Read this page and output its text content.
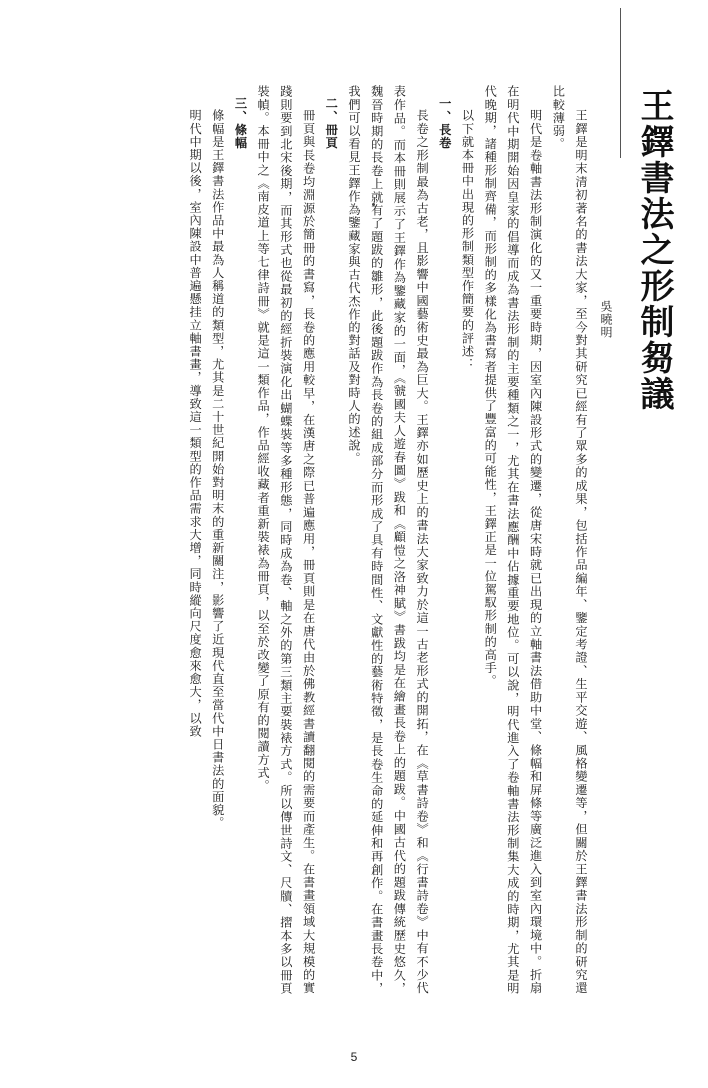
王鐸書法之形制芻議
吳曉明

王鐸是明末清初著名的書法大家，至今對其研究已經有了眾多的成果，包括作品編年、鑒定考證、生平交遊、風格變遷等，但關於王鐸書法形制的研究還比較薄弱。

明代是卷軸書法形制演化的又一重要時期，因室內陳設形式的變遷，從唐宋時就已出現的立軸書法借助中堂、條幅和屏條等廣泛進入到室內環境中。折扇在明代中期開始因皇家的倡導而成為書法形制的主要種類之一，尤其在書法應酬中佔據重要地位。可以說，明代進入了卷軸書法形制集大成的時期，尤其是明代晚期，諸種形制齊備，而形制的多樣化為書寫者提供了豐富的可能性，王鐸正是一位駕馭形制的高手。

以下就本冊中出現的形制類型作簡要的評述：

一、長卷

長卷之形制最為古老，且影響中國藝術史最為巨大。王鐸亦如歷史上的書法大家致力於這一古老形式的開拓，在《草書詩卷》和《行書詩卷》中有不少代表作品。而本冊則展示了王鐸作為鑒藏家的一面，《虢國夫人遊春圖》跋和《顧愷之洛神賦》書跋均是在繪畫長卷上的題跋。中國古代的題跋傳統歷史悠久，魏晉時期的長卷上就有了題跋的雛形，此後題跋作為長卷的組成部分而形成了具有時間性、文獻性的藝術特徵，是長卷生命的延伸和再創作。在書畫長卷中，我們可以看見王鐸作為鑒藏家與古代杰作的對話及對時人的述說。

二、冊頁

冊頁與長卷均淵源於簡冊的書寫，長卷的應用較早，在漢唐之際已普遍應用，冊頁則是在唐代由於佛教經書讀翻閱的需要而產生。在書畫領域大規模的實踐則要到北宋後期，而其形式也從最初的經折裝演化出蝴蝶裝等多種形態，同時成為卷、軸之外的第三類主要裝裱方式。所以傳世詩文、尺牘、摺本多以冊頁裝幀。本冊中之《南皮道上等七律詩冊》就是這一類作品，作品經收藏者重新裝裱為冊頁，以至於改變了原有的閱讀方式。

三、條幅

條幅是王鐸書法作品中最為人稱道的類型，尤其是二十世紀開始對明末的重新關注，影響了近現代直至當代中日書法的面貌。

明代中期以後，室內陳設中普遍懸挂立軸書畫，導致這一類型的作品需求大增，同時縱向尺度愈來愈大，以致

5
